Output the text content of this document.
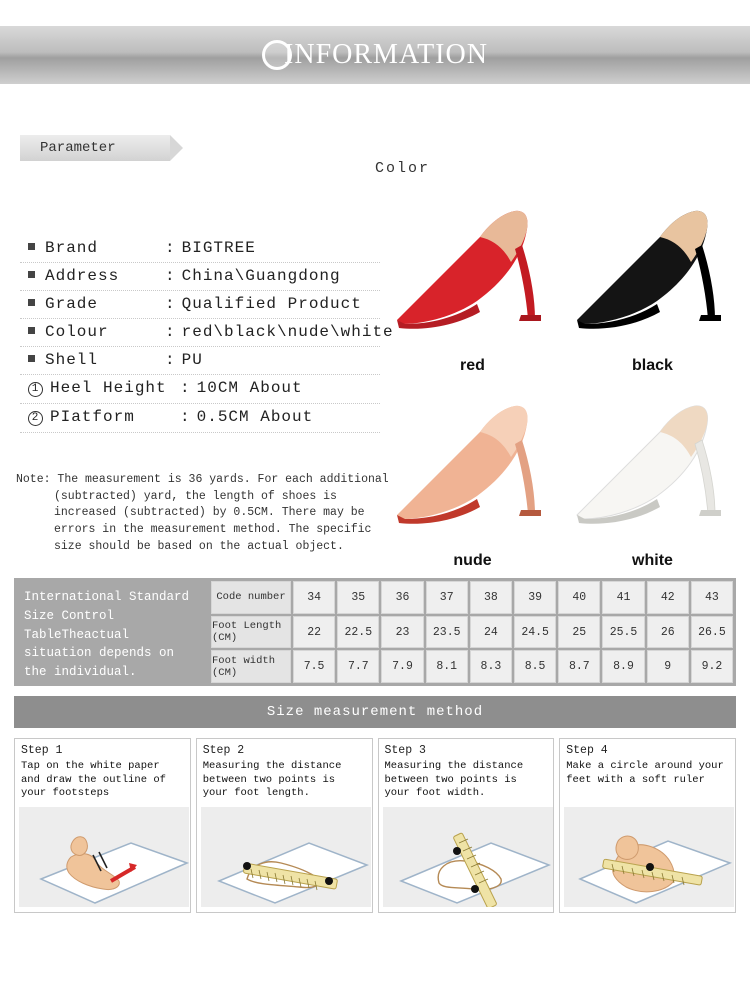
INFORMATION
Parameter
Color
Brand	: BIGTREE
Address	: China\Guangdong
Grade	: Qualified Product
Colour	: red\black\nude\white
Shell	: PU
1 Heel Height : 10CM About
2 PIatform	: 0.5CM About
Note: The measurement is 36 yards. For each additional (subtracted) yard, the length of shoes is increased (subtracted) by 0.5CM. There may be errors in the measurement method. The specific size should be based on the actual object.
red	black
nude	white
International Standard Size Control TableTheactual situation depends on the individual.
Code number	34	35	36	37	38	39	40	41	42	43
Foot Length (CM)	22	22.5	23	23.5	24	24.5	25	25.5	26	26.5
Foot width (CM)	7.5	7.7	7.9	8.1	8.3	8.5	8.7	8.9	9	9.2
Size measurement method
Step 1
Tap on the white paper and draw the outline of your footsteps
Step 2
Measuring the distance between two points is your foot length.
Step 3
Measuring the distance between two points is your foot width.
Step 4
Make a circle around your feet with a soft ruler
